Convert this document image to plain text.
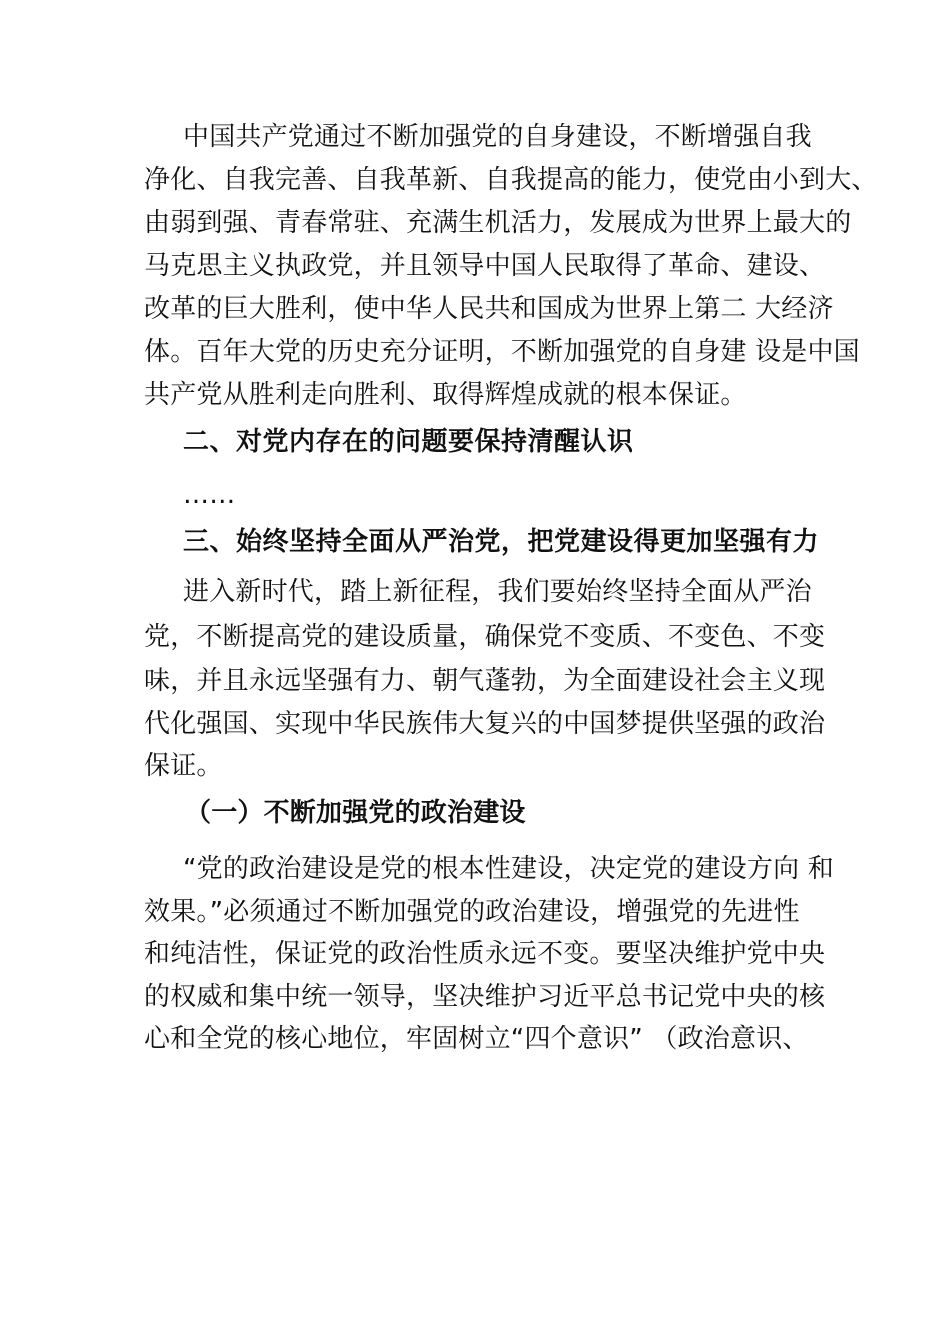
中国共产党通过不断加强党的自身建设，不断增强自我
净化、自我完善、自我革新、自我提高的能力，使党由小到大、
由弱到强、青春常驻、充满生机活力，发展成为世界上最大的
马克思主义执政党，并且领导中国人民取得了革命、建设、
改革的巨大胜利，使中华人民共和国成为世界上第二 大经济
体。百年大党的历史充分证明，不断加强党的自身建 设是中国
共产党从胜利走向胜利、取得辉煌成就的根本保证。
二、对党内存在的问题要保持清醒认识
……
三、始终坚持全面从严治党，把党建设得更加坚强有力
进入新时代，踏上新征程，我们要始终坚持全面从严治
党，不断提高党的建设质量，确保党不变质、不变色、不变
味，并且永远坚强有力、朝气蓬勃，为全面建设社会主义现
代化强国、实现中华民族伟大复兴的中国梦提供坚强的政治
保证。
（一）不断加强党的政治建设
“党的政治建设是党的根本性建设，决定党的建设方向 和
效果。”必须通过不断加强党的政治建设，增强党的先进性
和纯洁性，保证党的政治性质永远不变。要坚决维护党中央
的权威和集中统一领导，坚决维护习近平总书记党中央的核
心和全党的核心地位，牢固树立“四个意识” （政治意识、
